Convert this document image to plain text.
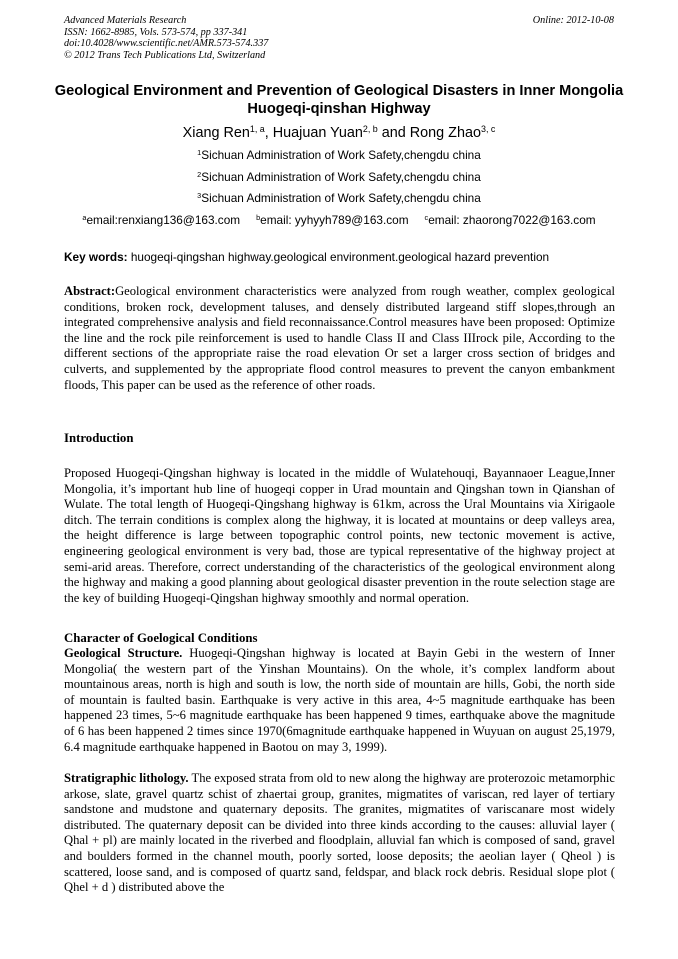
Advanced Materials Research
ISSN: 1662-8985, Vols. 573-574, pp 337-341
doi:10.4028/www.scientific.net/AMR.573-574.337
© 2012 Trans Tech Publications Ltd, Switzerland
Online: 2012-10-08
Geological Environment and Prevention of Geological Disasters in Inner Mongolia Huogeqi-qinshan Highway
Xiang Ren$^{1, a}$, Huajuan Yuan$^{2, b}$ and Rong Zhao$^{3, c}$
$^1$Sichuan Administration of Work Safety,chengdu china
$^2$Sichuan Administration of Work Safety,chengdu china
$^3$Sichuan Administration of Work Safety,chengdu china
$^a$email:renxiang136@163.com $^b$email: yyhyyh789@163.com $^c$email: zhaorong7022@163.com
Key words: huogeqi-qingshan highway.geological environment.geological hazard prevention

Abstract:Geological environment characteristics were analyzed from rough weather, complex geological conditions, broken rock, development taluses, and densely distributed largeand stiff slopes,through an integrated comprehensive analysis and field reconnaissance.Control measures have been proposed: Optimize the line and the rock pile reinforcement is used to handle Class II and Class IIIrock pile, According to the different sections of the appropriate raise the road elevation Or set a larger cross section of bridges and culverts, and supplemented by the appropriate flood control measures to prevent the canyon embankment floods, This paper can be used as the reference of other roads.

Introduction

Proposed Huogeqi-Qingshan highway is located in the middle of Wulatehouqi, Bayannaoer League,Inner Mongolia, it’s important hub line of huogeqi copper in Urad mountain and Qingshan town in Qianshan of Wulate. The total length of Huogeqi-Qingshang highway is 61km, across the Ural Mountains via Xirigaole ditch. The terrain conditions is complex along the highway, it is located at mountains or deep valleys area, the height difference is large between topographic control points, new tectonic movement is active, engineering geological environment is very bad, those are typical representative of the highway project at semi-arid areas. Therefore, correct understanding of the characteristics of the geological environment along the highway and making a good planning about geological disaster prevention in the route selection stage are the key of building Huogeqi-Qingshan highway smoothly and normal operation.

Character of Goelogical Conditions

Geological Structure. Huogeqi-Qingshan highway is located at Bayin Gebi in the western of Inner Mongolia( the western part of the Yinshan Mountains). On the whole, it’s complex landform about mountainous areas, north is high and south is low, the north side of mountain are hills, Gobi, the north side of mountain is faulted basin. Earthquake is very active in this area, 4~5 magnitude earthquake has been happened 23 times, 5~6 magnitude earthquake has been happened 9 times, earthquake above the magnitude of 6 has been happened 2 times since 1970(6magnitude earthquake happened in Wuyuan on august 25,1979, 6.4 magnitude earthquake happened in Baotou on may 3, 1999).

Stratigraphic lithology. The exposed strata from old to new along the highway are proterozoic metamorphic arkose, slate, gravel quartz schist of zhaertai group, granites, migmatites of variscan, red layer of tertiary sandstone and mudstone and quaternary deposits. The granites, migmatites of variscanare most widely distributed. The quaternary deposit can be divided into three kinds according to the causes: alluvial layer ( Qhal + pl) are mainly located in the riverbed and floodplain, alluvial fan which is composed of sand, gravel and boulders formed in the channel mouth, poorly sorted, loose deposits; the aeolian layer ( Qheol ) is scattered, loose sand, and is composed of quartz sand, feldspar, and black rock debris. Residual slope plot ( Qhel + d ) distributed above the
